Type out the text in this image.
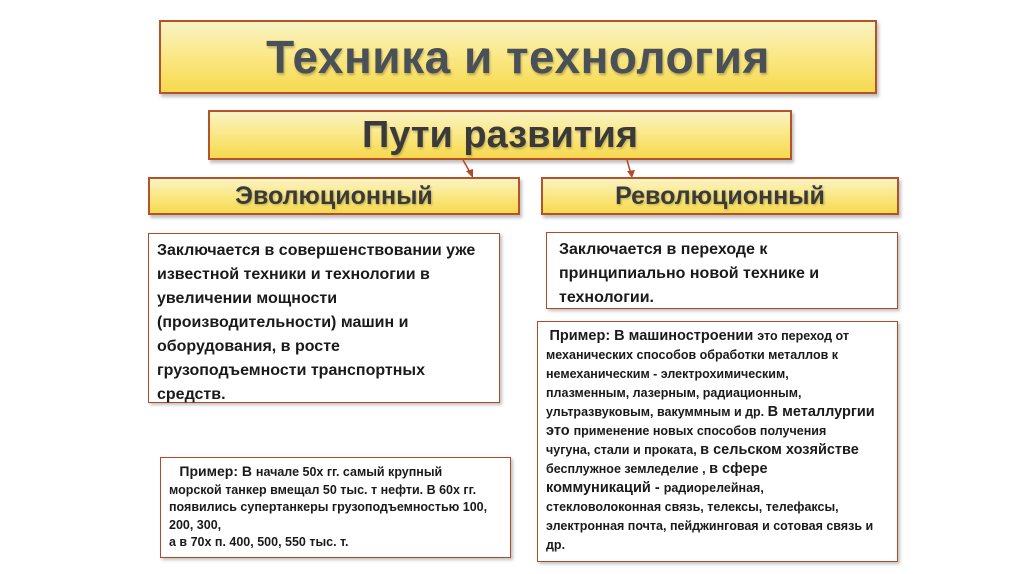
Техника и технология
Пути развития
Эволюционный	Революционный
Заключается в совершенствовании уже
известной техники и технологии в
увеличении мощности
(производительности) машин и
оборудования, в росте
грузоподъемности транспортных
средств.
Заключается в переходе к
принципиально новой технике и
технологии.
Пример: В начале 50х гг. самый крупный
морской танкер вмещал 50 тыс. т нефти. В 60х гг.
появились супертанкеры грузоподъемностью 100,
200, 300,
а в 70х п. 400, 500, 550 тыс. т.
Пример: В машиностроении это переход от
механических способов обработки металлов к
немеханическим - электрохимическим,
плазменным, лазерным, радиационным,
ультразвуковым, вакуммным и др. В металлургии
это применение новых способов получения
чугуна, стали и проката, в сельском хозяйстве
бесплужное земледелие , в сфере
коммуникаций - радиорелейная,
стекловолоконная связь, телексы, телефаксы,
электронная почта, пейджинговая и сотовая связь и
др.
